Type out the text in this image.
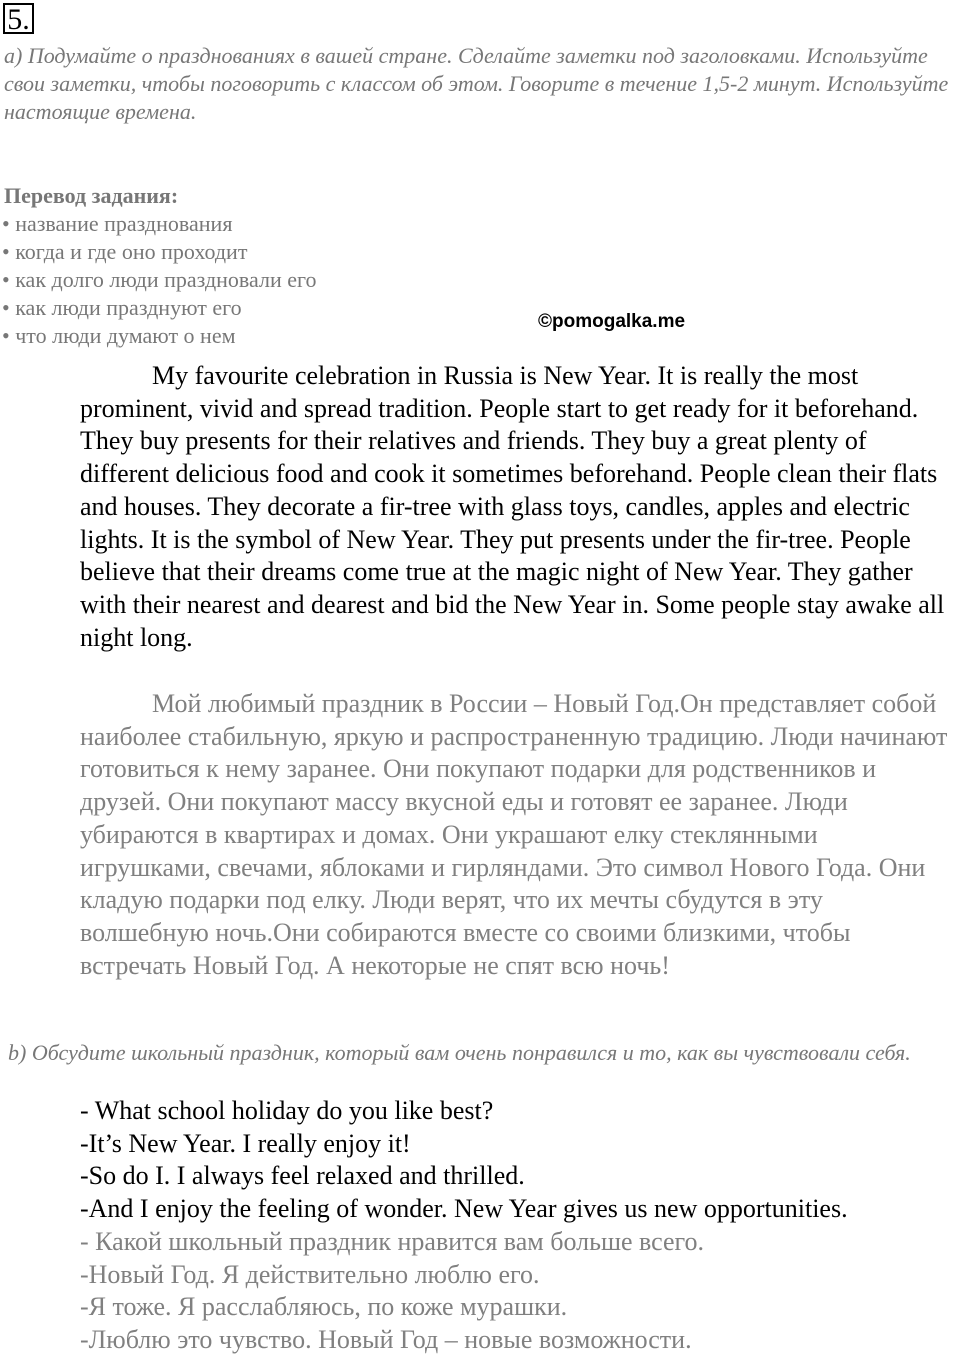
5.
а) Подумайте о празднованиях в вашей стране. Сделайте заметки под заголовками. Используйте свои заметки, чтобы поговорить с классом об этом. Говорите в течение 1,5-2 минут. Используйте настоящие времена.
Перевод задания:
• название празднования
• когда и где оно проходит
• как долго люди праздновали его
• как люди празднуют его
• что люди думают о нем
©pomogalka.me

My favourite celebration in Russia is New Year. It is really the most prominent, vivid and spread tradition. People start to get ready for it beforehand. They buy presents for their relatives and friends. They buy a great plenty of different delicious food and cook it sometimes beforehand. People clean their flats and houses. They decorate a fir-tree with glass toys, candles, apples and electric lights. It is the symbol of New Year. They put presents under the fir-tree. People believe that their dreams come true at the magic night of New Year. They gather with their nearest and dearest and bid the New Year in. Some people stay awake all night long.

Мой любимый праздник в России – Новый Год.Он представляет собой наиболее стабильную, яркую и распространенную традицию. Люди начинают готовиться к нему заранее. Они покупают подарки для родственников и друзей. Они покупают массу вкусной еды и готовят ее заранее. Люди убираются в квартирах и домах. Они украшают елку стеклянными игрушками, свечами, яблоками и гирляндами. Это символ Нового Года. Они кладую подарки под елку. Люди верят, что их мечты сбудутся в эту волшебную ночь.Они собираются вместе со своими близкими, чтобы встречать Новый Год. А некоторые не спят всю ночь!

b) Обсудите школьный праздник, который вам очень понравился и то, как вы чувствовали себя.
- What school holiday do you like best?
-It’s New Year. I really enjoy it!
-So do I. I always feel relaxed and thrilled.
-And I enjoy the feeling of wonder. New Year gives us new opportunities.
- Какой школьный праздник нравится вам больше всего.
-Новый Год. Я действительно люблю его.
-Я тоже. Я расслабляюсь, по коже мурашки.
-Люблю это чувство. Новый Год – новые возможности.
